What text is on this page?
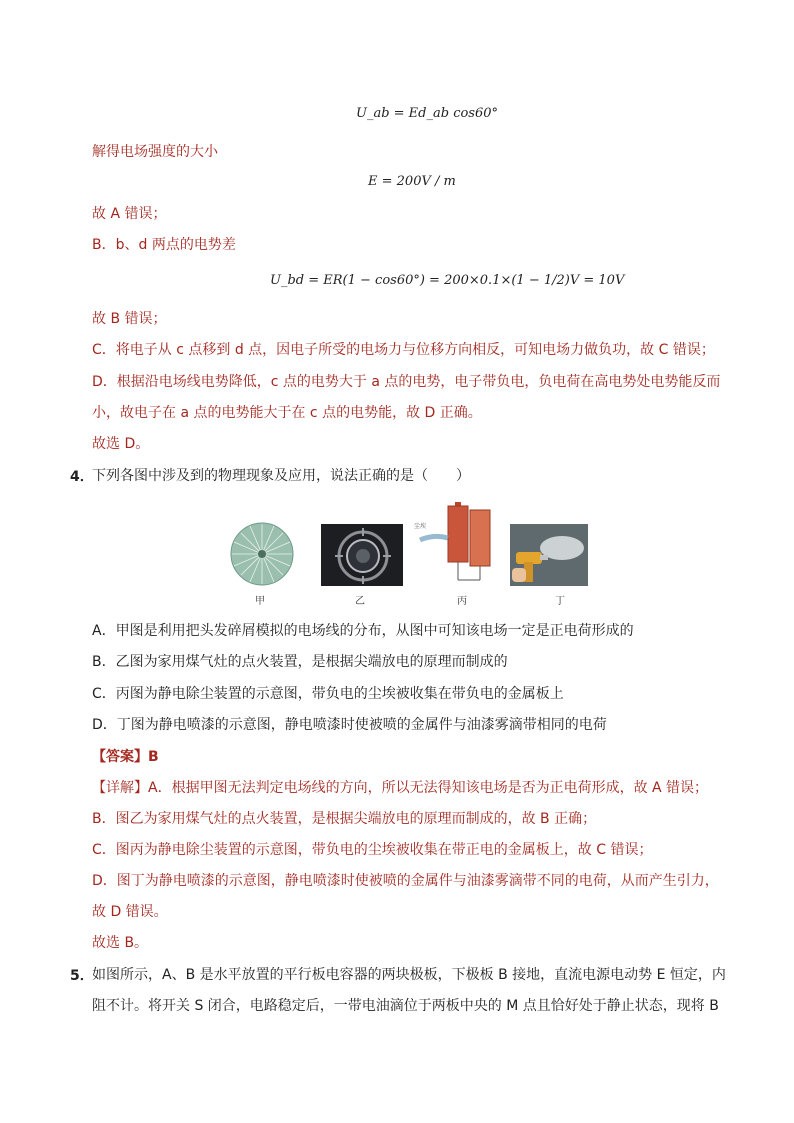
U_ab = Ed_ab cos60°
解得电场强度的大小
E = 200V / m
故 A 错误；
B．b、d 两点的电势差
U_bd = ER(1 − cos60°) = 200×0.1×(1 − 1/2)V = 10V
故 B 错误；
C．将电子从 c 点移到 d 点，因电子所受的电场力与位移方向相反，可知电场力做负功，故 C 错误；
D．根据沿电场线电势降低，c 点的电势大于 a 点的电势，电子带负电，负电荷在高电势处电势能反而
小，故电子在 a 点的电势能大于在 c 点的电势能，故 D 正确。
故选 D。
4．
下列各图中涉及到的物理现象及应用，说法正确的是（　　）
甲	乙
尘埃
丙	丁
A．甲图是利用把头发碎屑模拟的电场线的分布，从图中可知该电场一定是正电荷形成的
B．乙图为家用煤气灶的点火装置，是根据尖端放电的原理而制成的
C．丙图为静电除尘装置的示意图，带负电的尘埃被收集在带负电的金属板上
D．丁图为静电喷漆的示意图，静电喷漆时使被喷的金属件与油漆雾滴带相同的电荷
【答案】B
【详解】A．根据甲图无法判定电场线的方向，所以无法得知该电场是否为正电荷形成，故 A 错误；
B．图乙为家用煤气灶的点火装置，是根据尖端放电的原理而制成的，故 B 正确；
C．图丙为静电除尘装置的示意图，带负电的尘埃被收集在带正电的金属板上，故 C 错误；
D．图丁为静电喷漆的示意图，静电喷漆时使被喷的金属件与油漆雾滴带不同的电荷，从而产生引力，
故 D 错误。
故选 B。
5．
如图所示，A、B 是水平放置的平行板电容器的两块极板，下极板 B 接地，直流电源电动势 E 恒定，内
阻不计。将开关 S 闭合，电路稳定后，一带电油滴位于两板中央的 M 点且恰好处于静止状态，现将 B
